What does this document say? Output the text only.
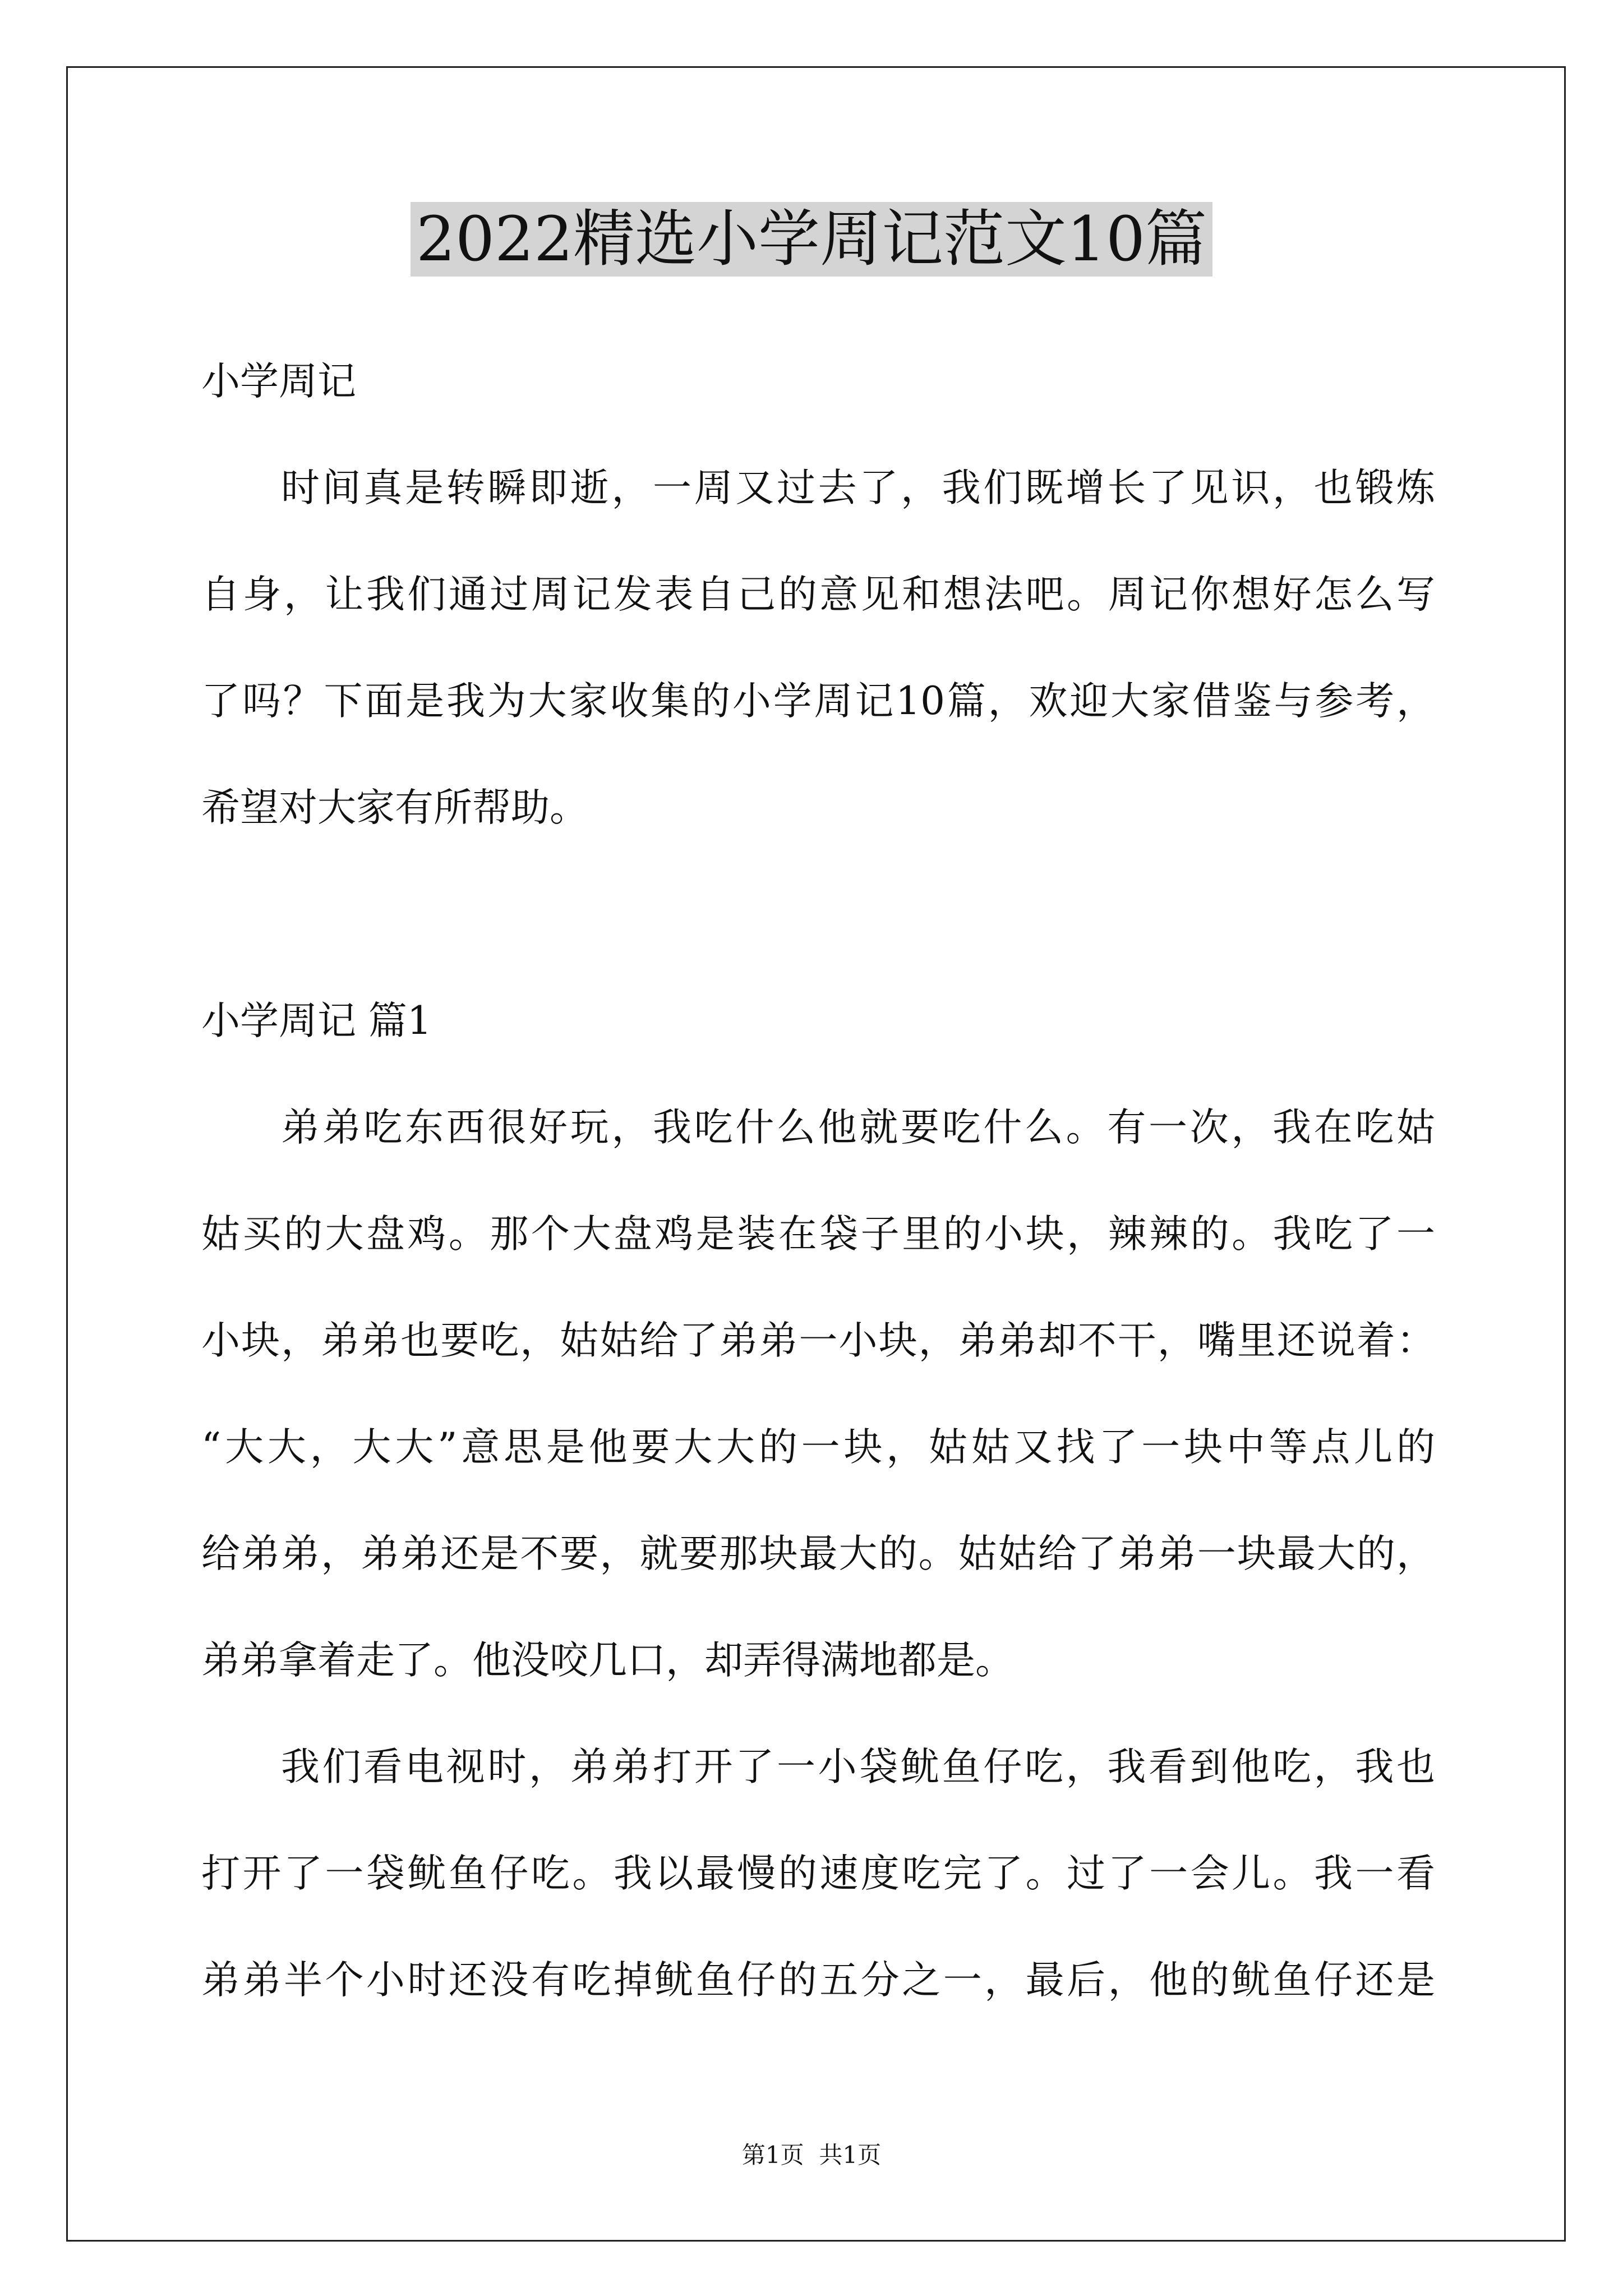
2022精选小学周记范文10篇
小学周记
时间真是转瞬即逝，一周又过去了，我们既增长了见识，也锻炼
自身，让我们通过周记发表自己的意见和想法吧。周记你想好怎么写
了吗？下面是我为大家收集的小学周记10篇，欢迎大家借鉴与参考，
希望对大家有所帮助。
小学周记 篇1
弟弟吃东西很好玩，我吃什么他就要吃什么。有一次，我在吃姑
姑买的大盘鸡。那个大盘鸡是装在袋子里的小块，辣辣的。我吃了一
小块，弟弟也要吃，姑姑给了弟弟一小块，弟弟却不干，嘴里还说着：
“大大，大大”意思是他要大大的一块，姑姑又找了一块中等点儿的
给弟弟，弟弟还是不要，就要那块最大的。姑姑给了弟弟一块最大的，
弟弟拿着走了。他没咬几口，却弄得满地都是。
我们看电视时，弟弟打开了一小袋鱿鱼仔吃，我看到他吃，我也
打开了一袋鱿鱼仔吃。我以最慢的速度吃完了。过了一会儿。我一看
弟弟半个小时还没有吃掉鱿鱼仔的五分之一，最后，他的鱿鱼仔还是
第1页  共1页
